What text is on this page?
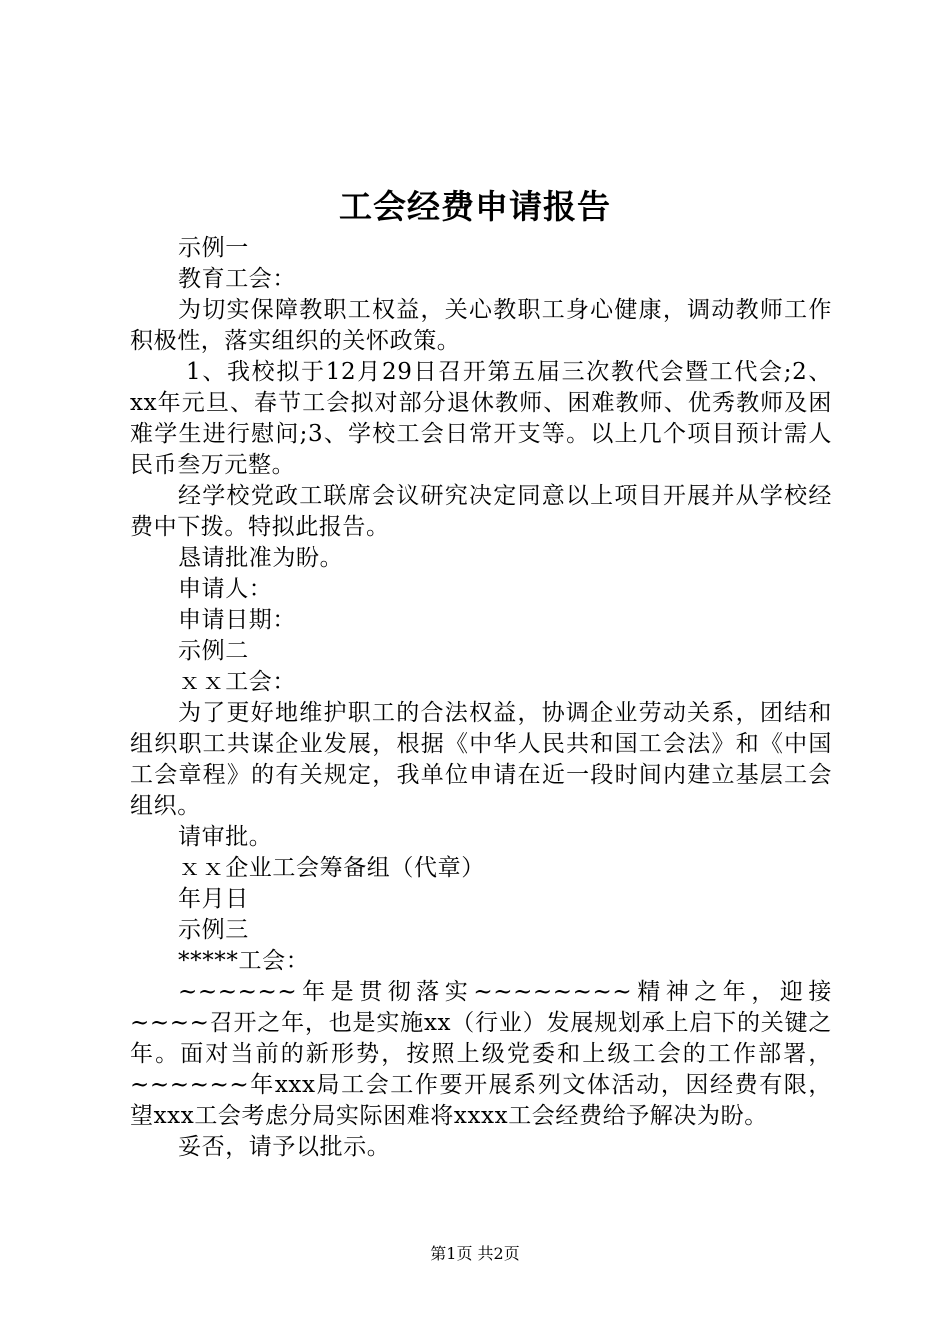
工会经费申请报告

示例一

教育工会：

为切实保障教职工权益，关心教职工身心健康，调动教师工作积极性，落实组织的关怀政策。

1、我校拟于12月29日召开第五届三次教代会暨工代会;2、xx年元旦、春节工会拟对部分退休教师、困难教师、优秀教师及困难学生进行慰问;3、学校工会日常开支等。以上几个项目预计需人民币叁万元整。

经学校党政工联席会议研究决定同意以上项目开展并从学校经费中下拨。特拟此报告。

恳请批准为盼。

申请人：

申请日期：

示例二

ｘｘ工会：

为了更好地维护职工的合法权益，协调企业劳动关系，团结和组织职工共谋企业发展，根据《中华人民共和国工会法》和《中国工会章程》的有关规定，我单位申请在近一段时间内建立基层工会组织。

请审批。

ｘｘ企业工会筹备组（代章）

年月日

示例三

*****工会：

~~~~~~年是贯彻落实~~~~~~~~精神之年，迎接~~~~召开之年，也是实施xx（行业）发展规划承上启下的关键之年。面对当前的新形势，按照上级党委和上级工会的工作部署，~~~~~~年xxx局工会工作要开展系列文体活动，因经费有限，望xxx工会考虑分局实际困难将xxxx工会经费给予解决为盼。

妥否，请予以批示。

第1页 共2页
